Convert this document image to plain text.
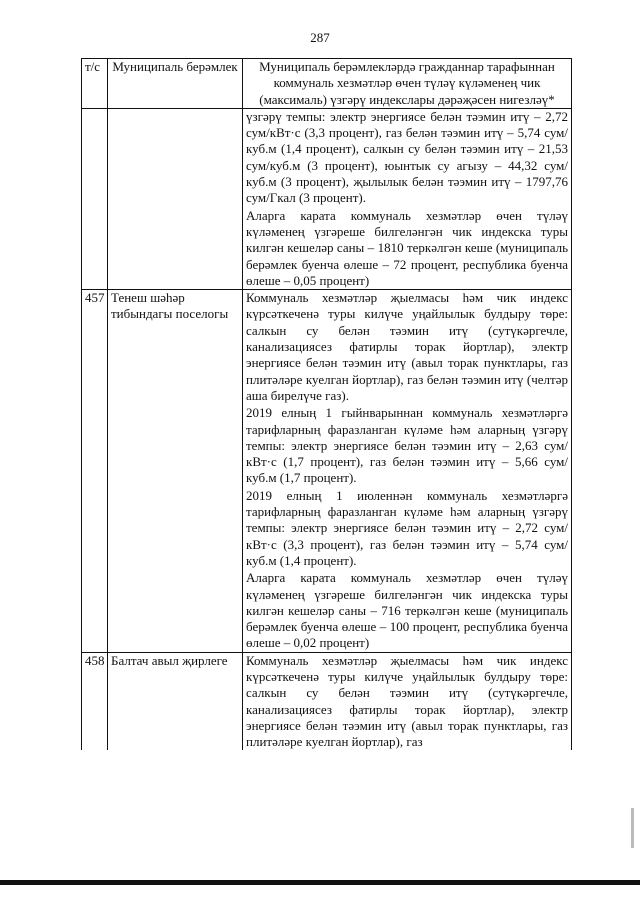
287
т/с	Муниципаль берәмлек	Муниципаль берәмлекләрдә гражданнар тарафыннан коммуналь хезмәтләр өчен түләү күләменең чик (максималь) үзгәрү индекслары дәрәҗәсен нигезләү*

		үзгәрү темпы: электр энергиясе белән тәэмин итү – 2,72 сум/кВт·с (3,3 процент), газ белән тәэмин итү – 5,74 сум/куб.м (1,4 процент), салкын су белән тәэмин итү – 21,53 сум/куб.м (3 процент), юынтык су агызу – 44,32 сум/куб.м (3 процент), җылылык белән тәэмин итү – 1797,76 сум/Гкал (3 процент).

Аларга карата коммуналь хезмәтләр өчен түләү күләменең үзгәреше билгеләнгән чик индекска туры килгән кешеләр саны – 1810 теркәлгән кеше (муниципаль берәмлек буенча өлеше – 72 процент, республика буенча өлеше – 0,05 процент)

457	Тенеш шәһәр тибындагы поселогы	Коммуналь хезмәтләр җыелмасы һәм чик индекс күрсәткеченә туры килүче уңайлылык булдыру төре: салкын су белән тәэмин итү (сутүкәргечле, канализациясез фатирлы торак йортлар), электр энергиясе белән тәэмин итү (авыл торак пунктлары, газ плитәләре куелган йортлар), газ белән тәэмин итү (челтәр аша бирелүче газ).

2019 елның 1 гыйнварыннан коммуналь хезмәтләргә тарифларның фаразланган күләме һәм аларның үзгәрү темпы: электр энергиясе белән тәэмин итү – 2,63 сум/кВт·с (1,7 процент), газ белән тәэмин итү – 5,66 сум/куб.м (1,7 процент).

2019 елның 1 июленнән коммуналь хезмәтләргә тарифларның фаразланган күләме һәм аларның үзгәрү темпы: электр энергиясе белән тәэмин итү – 2,72 сум/кВт·с (3,3 процент), газ белән тәэмин итү – 5,74 сум/куб.м (1,4 процент).

Аларга карата коммуналь хезмәтләр өчен түләү күләменең үзгәреше билгеләнгән чик индекска туры килгән кешеләр саны – 716 теркәлгән кеше (муниципаль берәмлек буенча өлеше – 100 процент, республика буенча өлеше – 0,02 процент)

458	Балтач авыл җирлеге	Коммуналь хезмәтләр җыелмасы һәм чик индекс күрсәткеченә туры килүче уңайлылык булдыру төре: салкын су белән тәэмин итү (сутүкәргечле, канализациясез фатирлы торак йортлар), электр энергиясе белән тәэмин итү (авыл торак пунктлары, газ плитәләре куелган йортлар), газ
